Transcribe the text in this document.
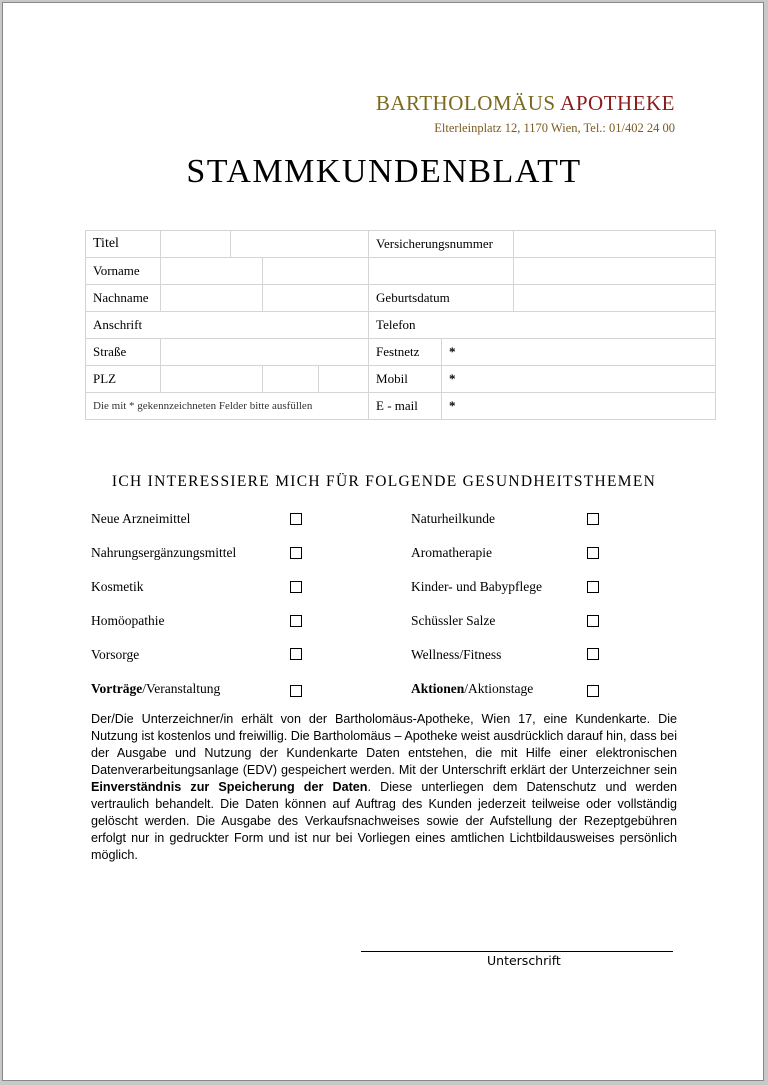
BARTHOLOMÄUS APOTHEKE
Elterleinplatz 12, 1170 Wien, Tel.: 01/402 24 00
STAMMKUNDENBLATT
Titel					Versicherungsnummer		
Vorname							
Nachname					Geburtsdatum		
Anschrift					Telefon		
Straße					Festnetz	*	
PLZ					Mobil	*	
Die mit * gekennzeichneten Felder bitte ausfüllen					E - mail	*	
ICH INTERESSIERE MICH FÜR FOLGENDE GESUNDHEITSTHEMEN
Neue Arzneimittel
Nahrungsergänzungsmittel
Kosmetik
Homöopathie
Vorsorge
Vorträge/Veranstaltung
Naturheilkunde
Aromatherapie
Kinder- und Babypflege
Schüssler Salze
Wellness/Fitness
Aktionen/Aktionstage
Der/Die Unterzeichner/in erhält von der Bartholomäus-Apotheke, Wien 17, eine Kundenkarte. Die Nutzung ist kostenlos und freiwillig. Die Bartholomäus – Apotheke weist ausdrücklich darauf hin, dass bei der Ausgabe und Nutzung der Kundenkarte Daten entstehen, die mit Hilfe einer elektronischen Datenverarbeitungsanlage (EDV) gespeichert werden. Mit der Unterschrift erklärt der Unterzeichner sein Einverständnis zur Speicherung der Daten. Diese unterliegen dem Datenschutz und werden vertraulich behandelt. Die Daten können auf Auftrag des Kunden jederzeit teilweise oder vollständig gelöscht werden. Die Ausgabe des Verkaufsnachweises sowie der Aufstellung der Rezeptgebühren erfolgt nur in gedruckter Form und ist nur bei Vorliegen eines amtlichen Lichtbildausweises persönlich möglich.
Unterschrift
